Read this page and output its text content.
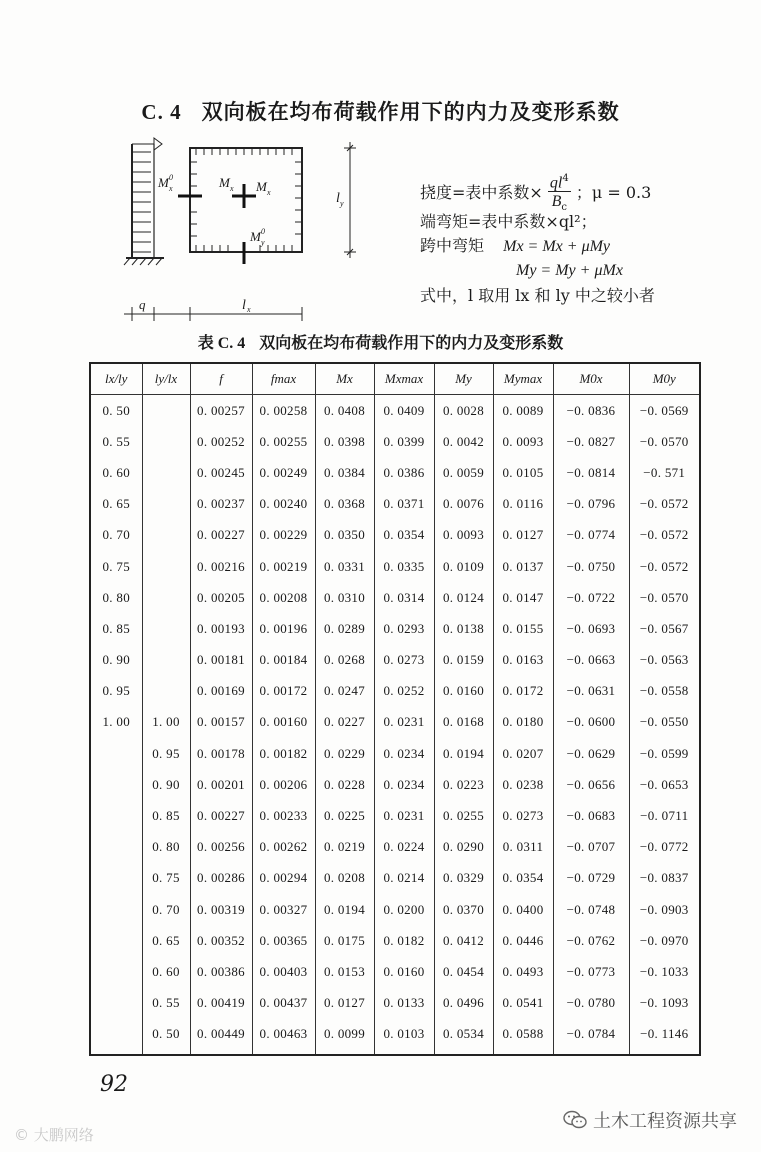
C. 4 双向板在均布荷载作用下的内力及变形系数
M x
0	M x M x
M y
0
l y
l x
q
挠度=表中系数× $\frac{ql^4}{B_c}$ ；μ = 0.3
端弯矩=表中系数×ql²；
跨中弯矩 Mx = Mx + μMy
My = My + μMx
式中，l 取用 lx 和 ly 中之较小者
表 C. 4 双向板在均布荷载作用下的内力及变形系数
lx/ly	ly/lx	f	fmax	Mx	Mxmax	My	Mymax	M0x	M0y
0. 50		0. 00257	0. 00258	0. 0408	0. 0409	0. 0028	0. 0089	−0. 0836	−0. 0569
0. 55		0. 00252	0. 00255	0. 0398	0. 0399	0. 0042	0. 0093	−0. 0827	−0. 0570
0. 60		0. 00245	0. 00249	0. 0384	0. 0386	0. 0059	0. 0105	−0. 0814	−0. 571
0. 65		0. 00237	0. 00240	0. 0368	0. 0371	0. 0076	0. 0116	−0. 0796	−0. 0572
0. 70		0. 00227	0. 00229	0. 0350	0. 0354	0. 0093	0. 0127	−0. 0774	−0. 0572
0. 75		0. 00216	0. 00219	0. 0331	0. 0335	0. 0109	0. 0137	−0. 0750	−0. 0572
0. 80		0. 00205	0. 00208	0. 0310	0. 0314	0. 0124	0. 0147	−0. 0722	−0. 0570
0. 85		0. 00193	0. 00196	0. 0289	0. 0293	0. 0138	0. 0155	−0. 0693	−0. 0567
0. 90		0. 00181	0. 00184	0. 0268	0. 0273	0. 0159	0. 0163	−0. 0663	−0. 0563
0. 95		0. 00169	0. 00172	0. 0247	0. 0252	0. 0160	0. 0172	−0. 0631	−0. 0558
1. 00	1. 00	0. 00157	0. 00160	0. 0227	0. 0231	0. 0168	0. 0180	−0. 0600	−0. 0550
	0. 95	0. 00178	0. 00182	0. 0229	0. 0234	0. 0194	0. 0207	−0. 0629	−0. 0599
	0. 90	0. 00201	0. 00206	0. 0228	0. 0234	0. 0223	0. 0238	−0. 0656	−0. 0653
	0. 85	0. 00227	0. 00233	0. 0225	0. 0231	0. 0255	0. 0273	−0. 0683	−0. 0711
	0. 80	0. 00256	0. 00262	0. 0219	0. 0224	0. 0290	0. 0311	−0. 0707	−0. 0772
	0. 75	0. 00286	0. 00294	0. 0208	0. 0214	0. 0329	0. 0354	−0. 0729	−0. 0837
	0. 70	0. 00319	0. 00327	0. 0194	0. 0200	0. 0370	0. 0400	−0. 0748	−0. 0903
	0. 65	0. 00352	0. 00365	0. 0175	0. 0182	0. 0412	0. 0446	−0. 0762	−0. 0970
	0. 60	0. 00386	0. 00403	0. 0153	0. 0160	0. 0454	0. 0493	−0. 0773	−0. 1033
	0. 55	0. 00419	0. 00437	0. 0127	0. 0133	0. 0496	0. 0541	−0. 0780	−0. 1093
	0. 50	0. 00449	0. 00463	0. 0099	0. 0103	0. 0534	0. 0588	−0. 0784	−0. 1146
92
© 大鹏网络
土木工程资源共享
